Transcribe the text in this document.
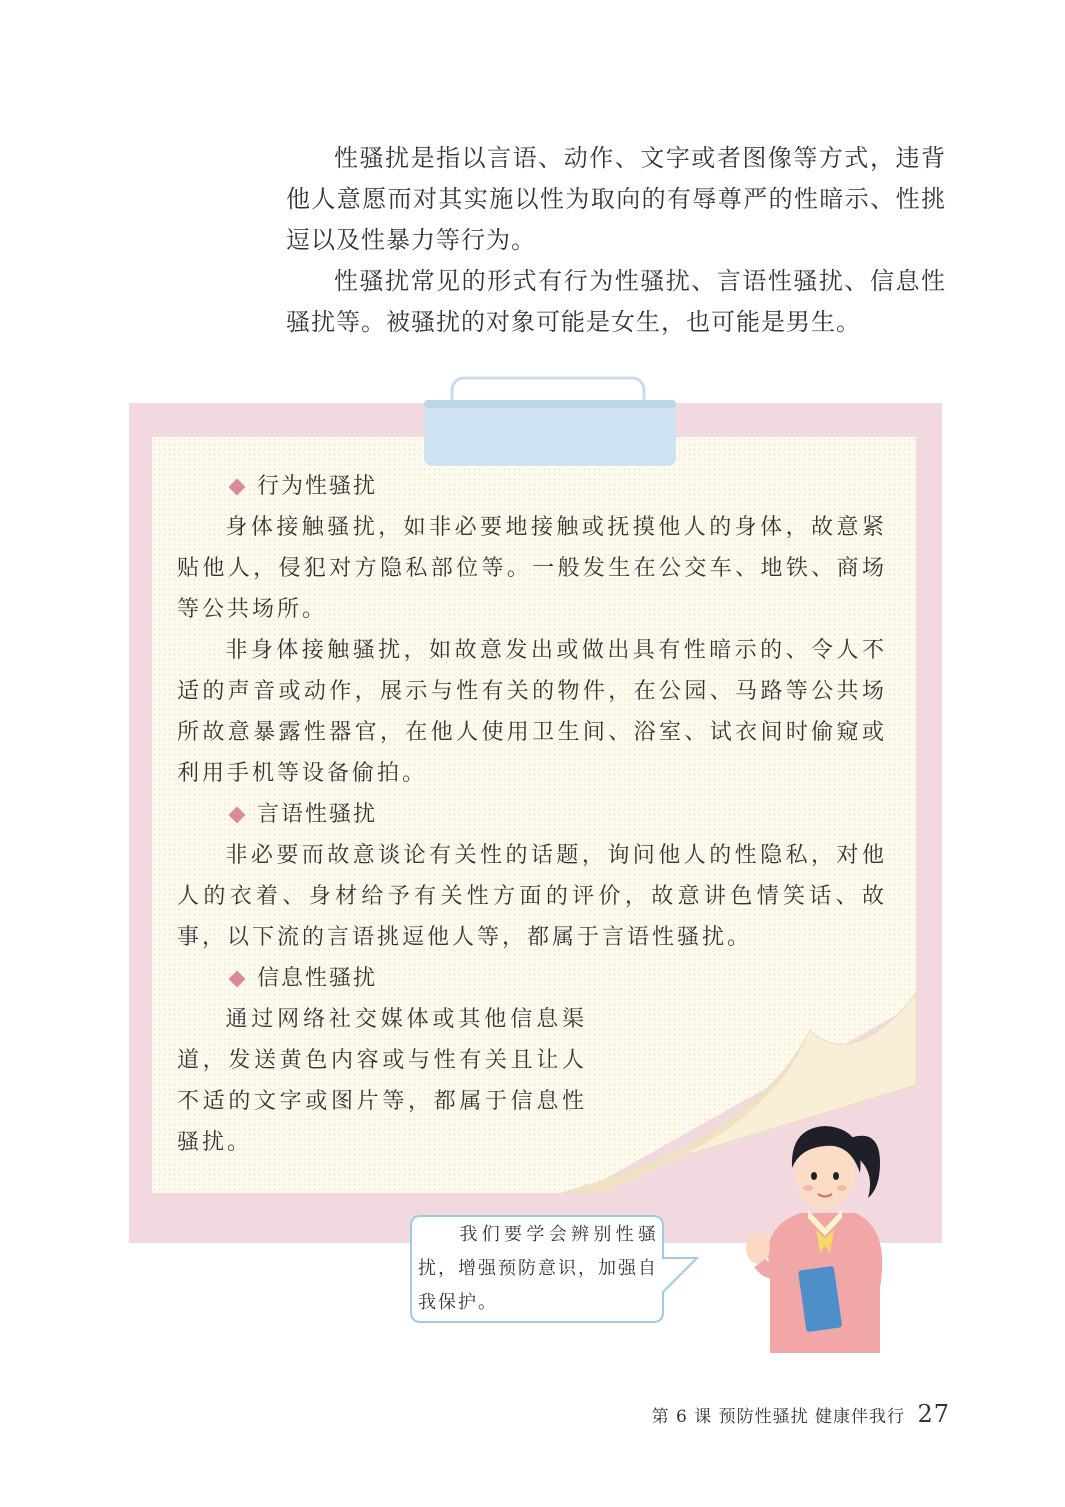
性骚扰是指以言语、动作、文字或者图像等方式，违背他人意愿而对其实施以性为取向的有辱尊严的性暗示、性挑逗以及性暴力等行为。

性骚扰常见的形式有行为性骚扰、言语性骚扰、信息性骚扰等。被骚扰的对象可能是女生，也可能是男生。

行为性骚扰

身体接触骚扰，如非必要地接触或抚摸他人的身体，故意紧贴他人，侵犯对方隐私部位等。一般发生在公交车、地铁、商场等公共场所。

非身体接触骚扰，如故意发出或做出具有性暗示的、令人不适的声音或动作，展示与性有关的物件，在公园、马路等公共场所故意暴露性器官，在他人使用卫生间、浴室、试衣间时偷窥或利用手机等设备偷拍。

言语性骚扰

非必要而故意谈论有关性的话题，询问他人的性隐私，对他人的衣着、身材给予有关性方面的评价，故意讲色情笑话、故事，以下流的言语挑逗他人等，都属于言语性骚扰。

信息性骚扰

通过网络社交媒体或其他信息渠道，发送黄色内容或与性有关且让人不适的文字或图片等，都属于信息性骚扰。

我们要学会辨别性骚扰，增强预防意识，加强自我保护。
第 6 课 预防性骚扰 健康伴我行 27
